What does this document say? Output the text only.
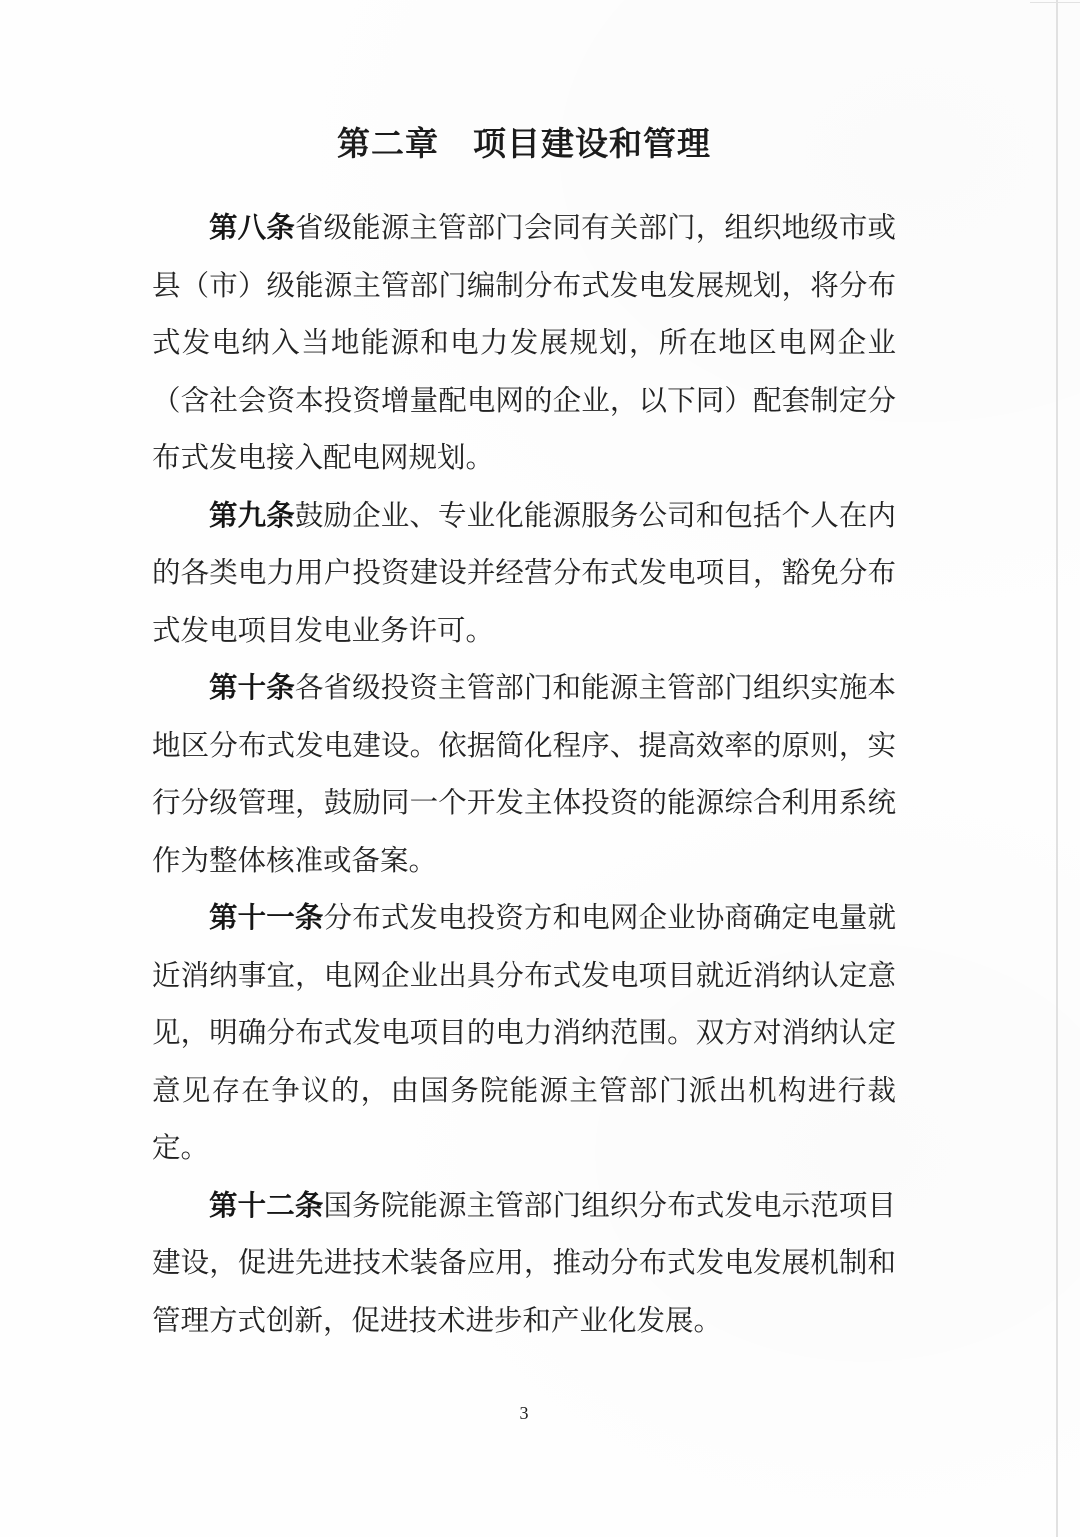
第二章　项目建设和管理

第八条省级能源主管部门会同有关部门，组织地级市或县（市）级能源主管部门编制分布式发电发展规划，将分布式发电纳入当地能源和电力发展规划，所在地区电网企业（含社会资本投资增量配电网的企业，以下同）配套制定分布式发电接入配电网规划。

第九条鼓励企业、专业化能源服务公司和包括个人在内的各类电力用户投资建设并经营分布式发电项目，豁免分布式发电项目发电业务许可。

第十条各省级投资主管部门和能源主管部门组织实施本地区分布式发电建设。依据简化程序、提高效率的原则，实行分级管理，鼓励同一个开发主体投资的能源综合利用系统作为整体核准或备案。

第十一条分布式发电投资方和电网企业协商确定电量就近消纳事宜，电网企业出具分布式发电项目就近消纳认定意见，明确分布式发电项目的电力消纳范围。双方对消纳认定意见存在争议的，由国务院能源主管部门派出机构进行裁定。

第十二条国务院能源主管部门组织分布式发电示范项目建设，促进先进技术装备应用，推动分布式发电发展机制和管理方式创新，促进技术进步和产业化发展。

3
